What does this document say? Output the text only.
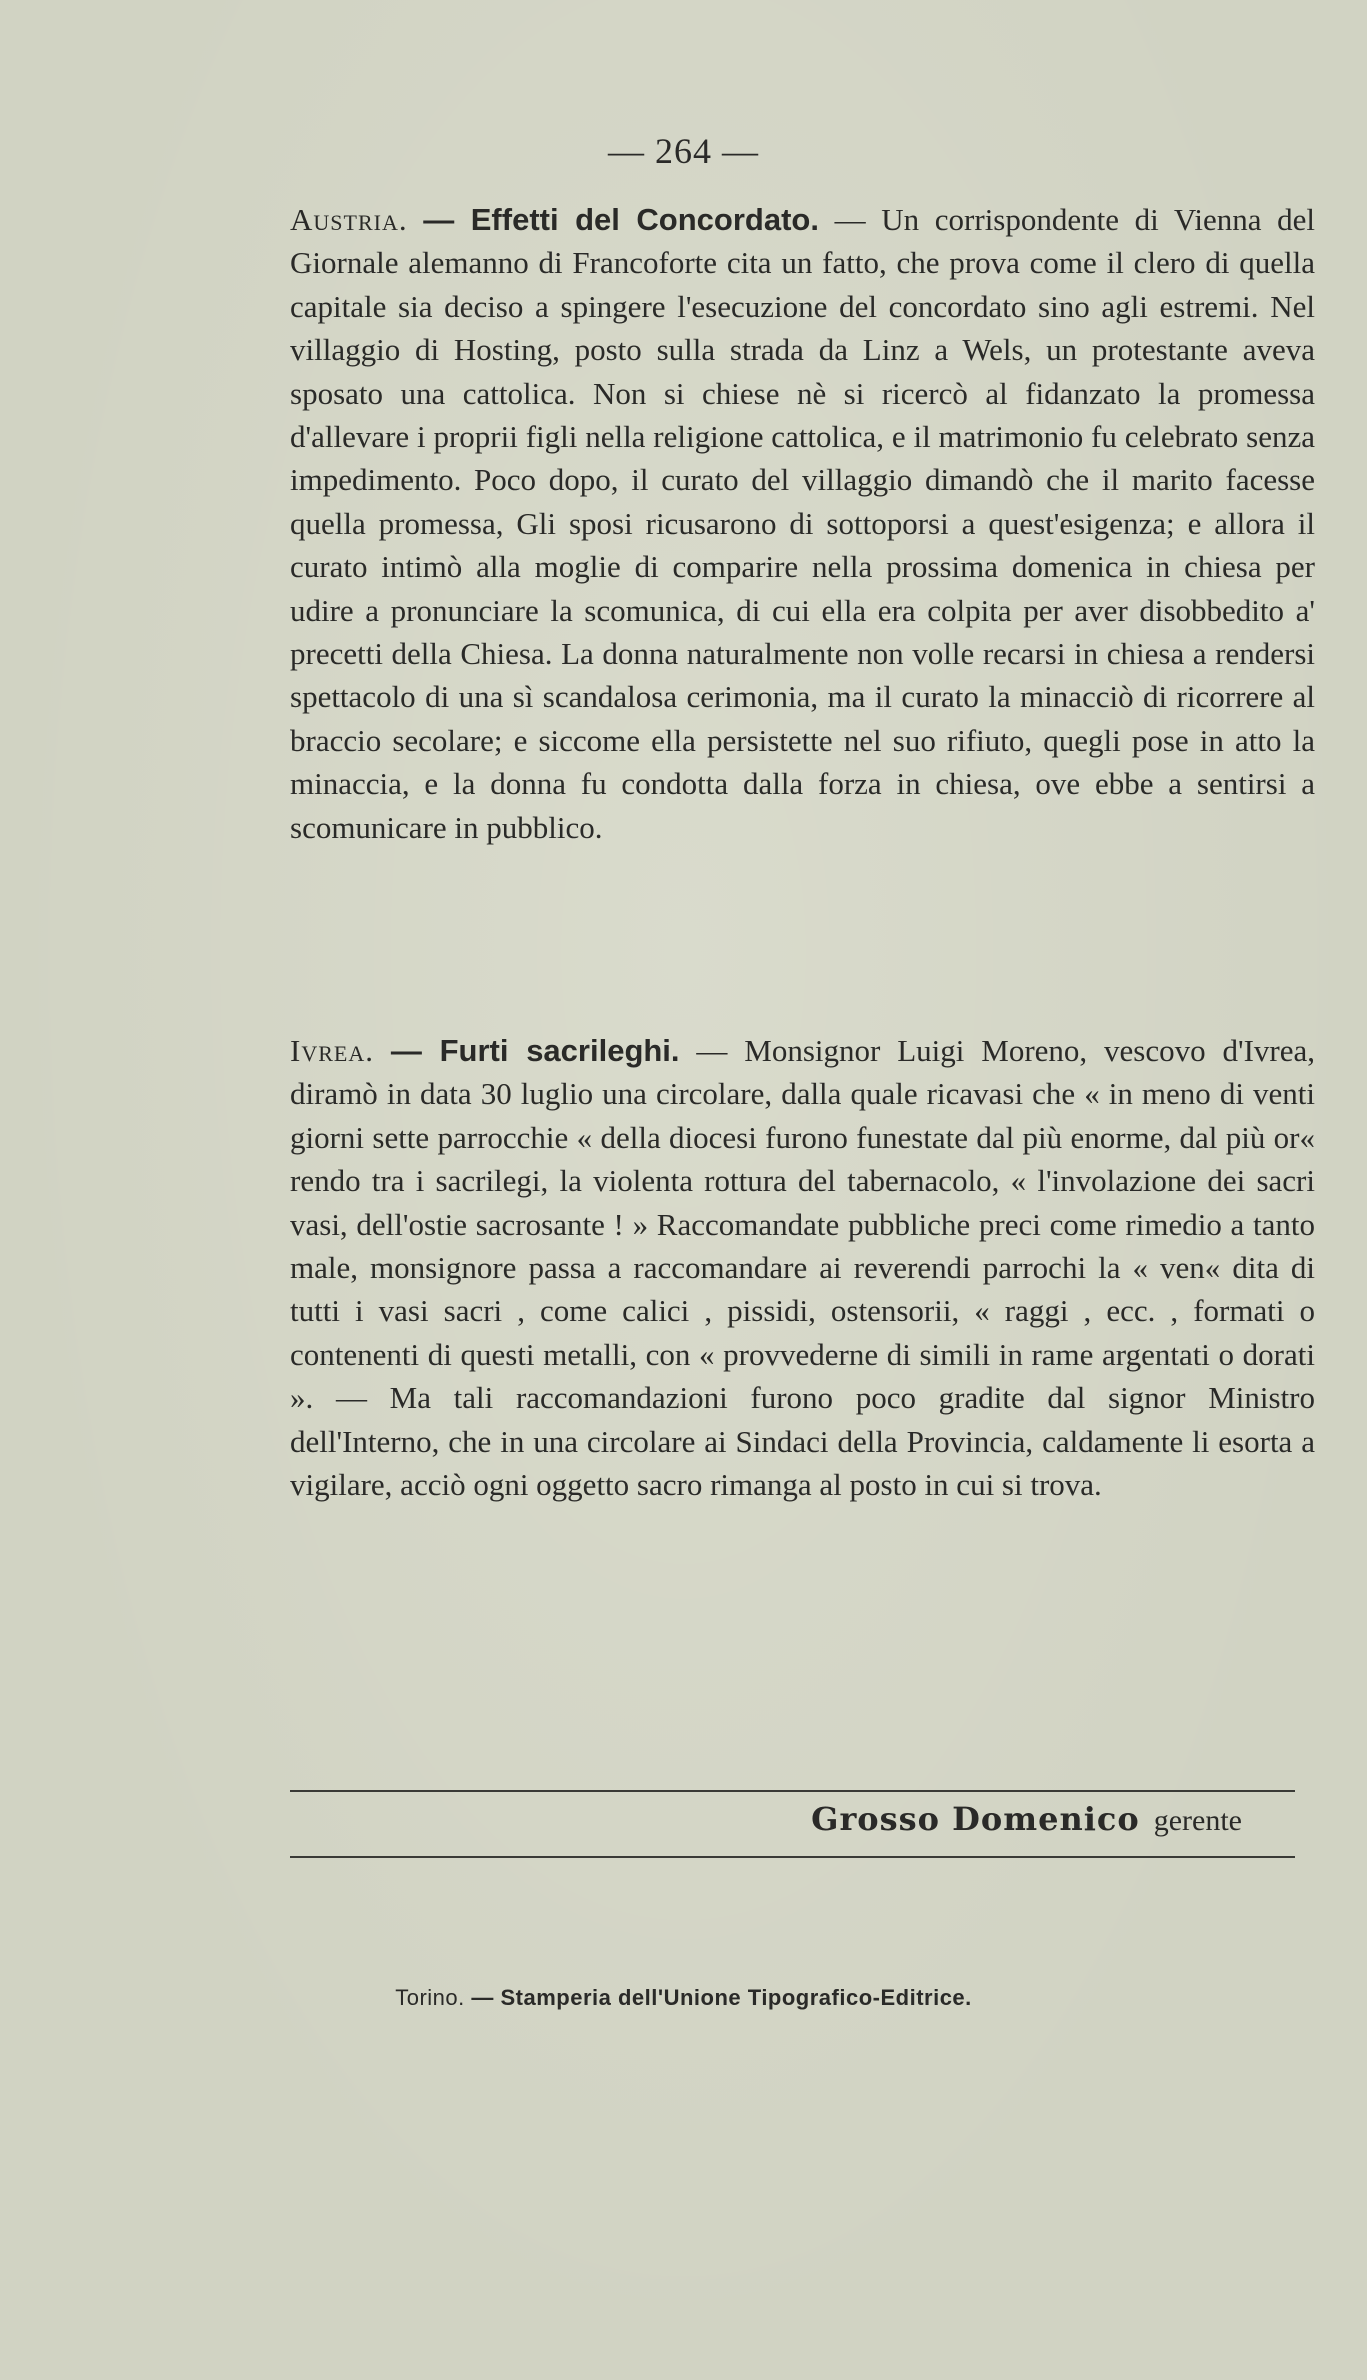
— 264 —

Austria. — Effetti del Concordato. — Un corrispondente di Vienna del Giornale alemanno di Francoforte cita un fatto, che prova come il clero di quella capitale sia deciso a spingere l'esecuzione del concordato sino agli estremi. Nel villaggio di Hosting, posto sulla strada da Linz a Wels, un protestante aveva sposato una cattolica. Non si chiese nè si ricercò al fidanzato la promessa d'allevare i proprii figli nella religione cattolica, e il matrimonio fu celebrato senza impedimento. Poco dopo, il curato del villaggio dimandò che il marito facesse quella promessa, Gli sposi ricusarono di sottoporsi a quest'esigenza; e allora il curato intimò alla moglie di comparire nella prossima domenica in chiesa per udire a pronunciare la scomunica, di cui ella era colpita per aver disobbedito a' precetti della Chiesa. La donna naturalmente non volle recarsi in chiesa a rendersi spettacolo di una sì scandalosa cerimonia, ma il curato la minacciò di ricorrere al braccio secolare; e siccome ella persistette nel suo rifiuto, quegli pose in atto la minaccia, e la donna fu condotta dalla forza in chiesa, ove ebbe a sentirsi a scomunicare in pubblico.

Ivrea. — Furti sacrileghi. — Monsignor Luigi Moreno, vescovo d'Ivrea, diramò in data 30 luglio una circolare, dalla quale ricavasi che « in meno di venti giorni sette parrocchie « della diocesi furono funestate dal più enorme, dal più or« rendo tra i sacrilegi, la violenta rottura del tabernacolo, « l'involazione dei sacri vasi, dell'ostie sacrosante ! » Raccomandate pubbliche preci come rimedio a tanto male, monsignore passa a raccomandare ai reverendi parrochi la « ven« dita di tutti i vasi sacri , come calici , pissidi, ostensorii, « raggi , ecc. , formati o contenenti di questi metalli, con « provvederne di simili in rame argentati o dorati ». — Ma tali raccomandazioni furono poco gradite dal signor Ministro dell'Interno, che in una circolare ai Sindaci della Provincia, caldamente li esorta a vigilare, acciò ogni oggetto sacro rimanga al posto in cui si trova.

Grosso Domenico gerente
Torino. — Stamperia dell'Unione Tipografico-Editrice.
